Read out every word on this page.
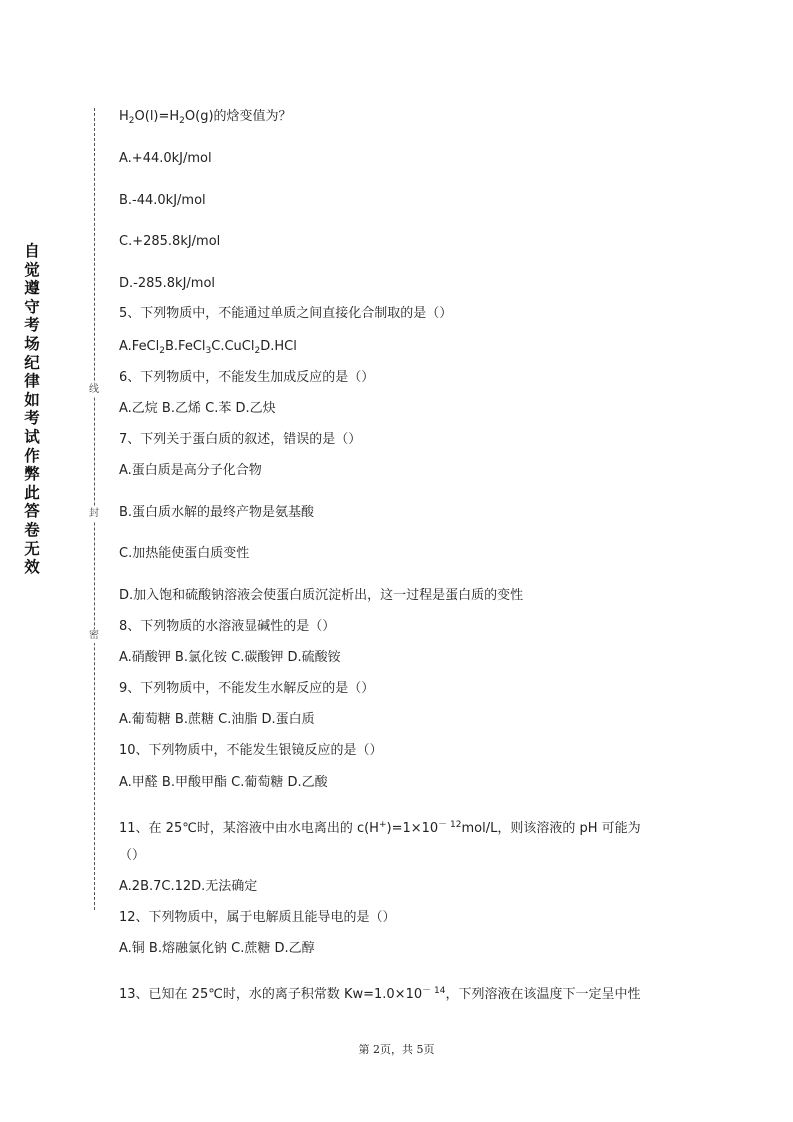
自觉遵守考场纪律如考试作弊此答卷无效
线
封
密
$H_2O(l)=H_2O(g)$的焓变值为？
A.+44.0kJ/mol
B.-44.0kJ/mol
C.+285.8kJ/mol
D.-285.8kJ/mol
5、下列物质中，不能通过单质之间直接化合制取的是（）
A.FeCl$_2$B.FeCl$_3$C.CuCl$_2$D.HCl
6、下列物质中，不能发生加成反应的是（）
A.乙烷 B.乙烯 C.苯 D.乙炔
7、下列关于蛋白质的叙述，错误的是（）
A.蛋白质是高分子化合物
B.蛋白质水解的最终产物是氨基酸
C.加热能使蛋白质变性
D.加入饱和硫酸钠溶液会使蛋白质沉淀析出，这一过程是蛋白质的变性
8、下列物质的水溶液显碱性的是（）
A.硝酸钾 B.氯化铵 C.碳酸钾 D.硫酸铵
9、下列物质中，不能发生水解反应的是（）
A.葡萄糖 B.蔗糖 C.油脂 D.蛋白质
10、下列物质中，不能发生银镜反应的是（）
A.甲醛 B.甲酸甲酯 C.葡萄糖 D.乙酸
11、在 25℃时，某溶液中由水电离出的 $c(H^+)=1\times 10^{- 12}mol/L$，则该溶液的 pH 可能为
（）
A.2B.7C.12D.无法确定
12、下列物质中，属于电解质且能导电的是（）
A.铜 B.熔融氯化钠 C.蔗糖 D.乙醇
13、已知在 25℃时，水的离子积常数 $Kw=1.0\times 10^{- 14}$，下列溶液在该温度下一定呈中性
第 2页，共 5页
